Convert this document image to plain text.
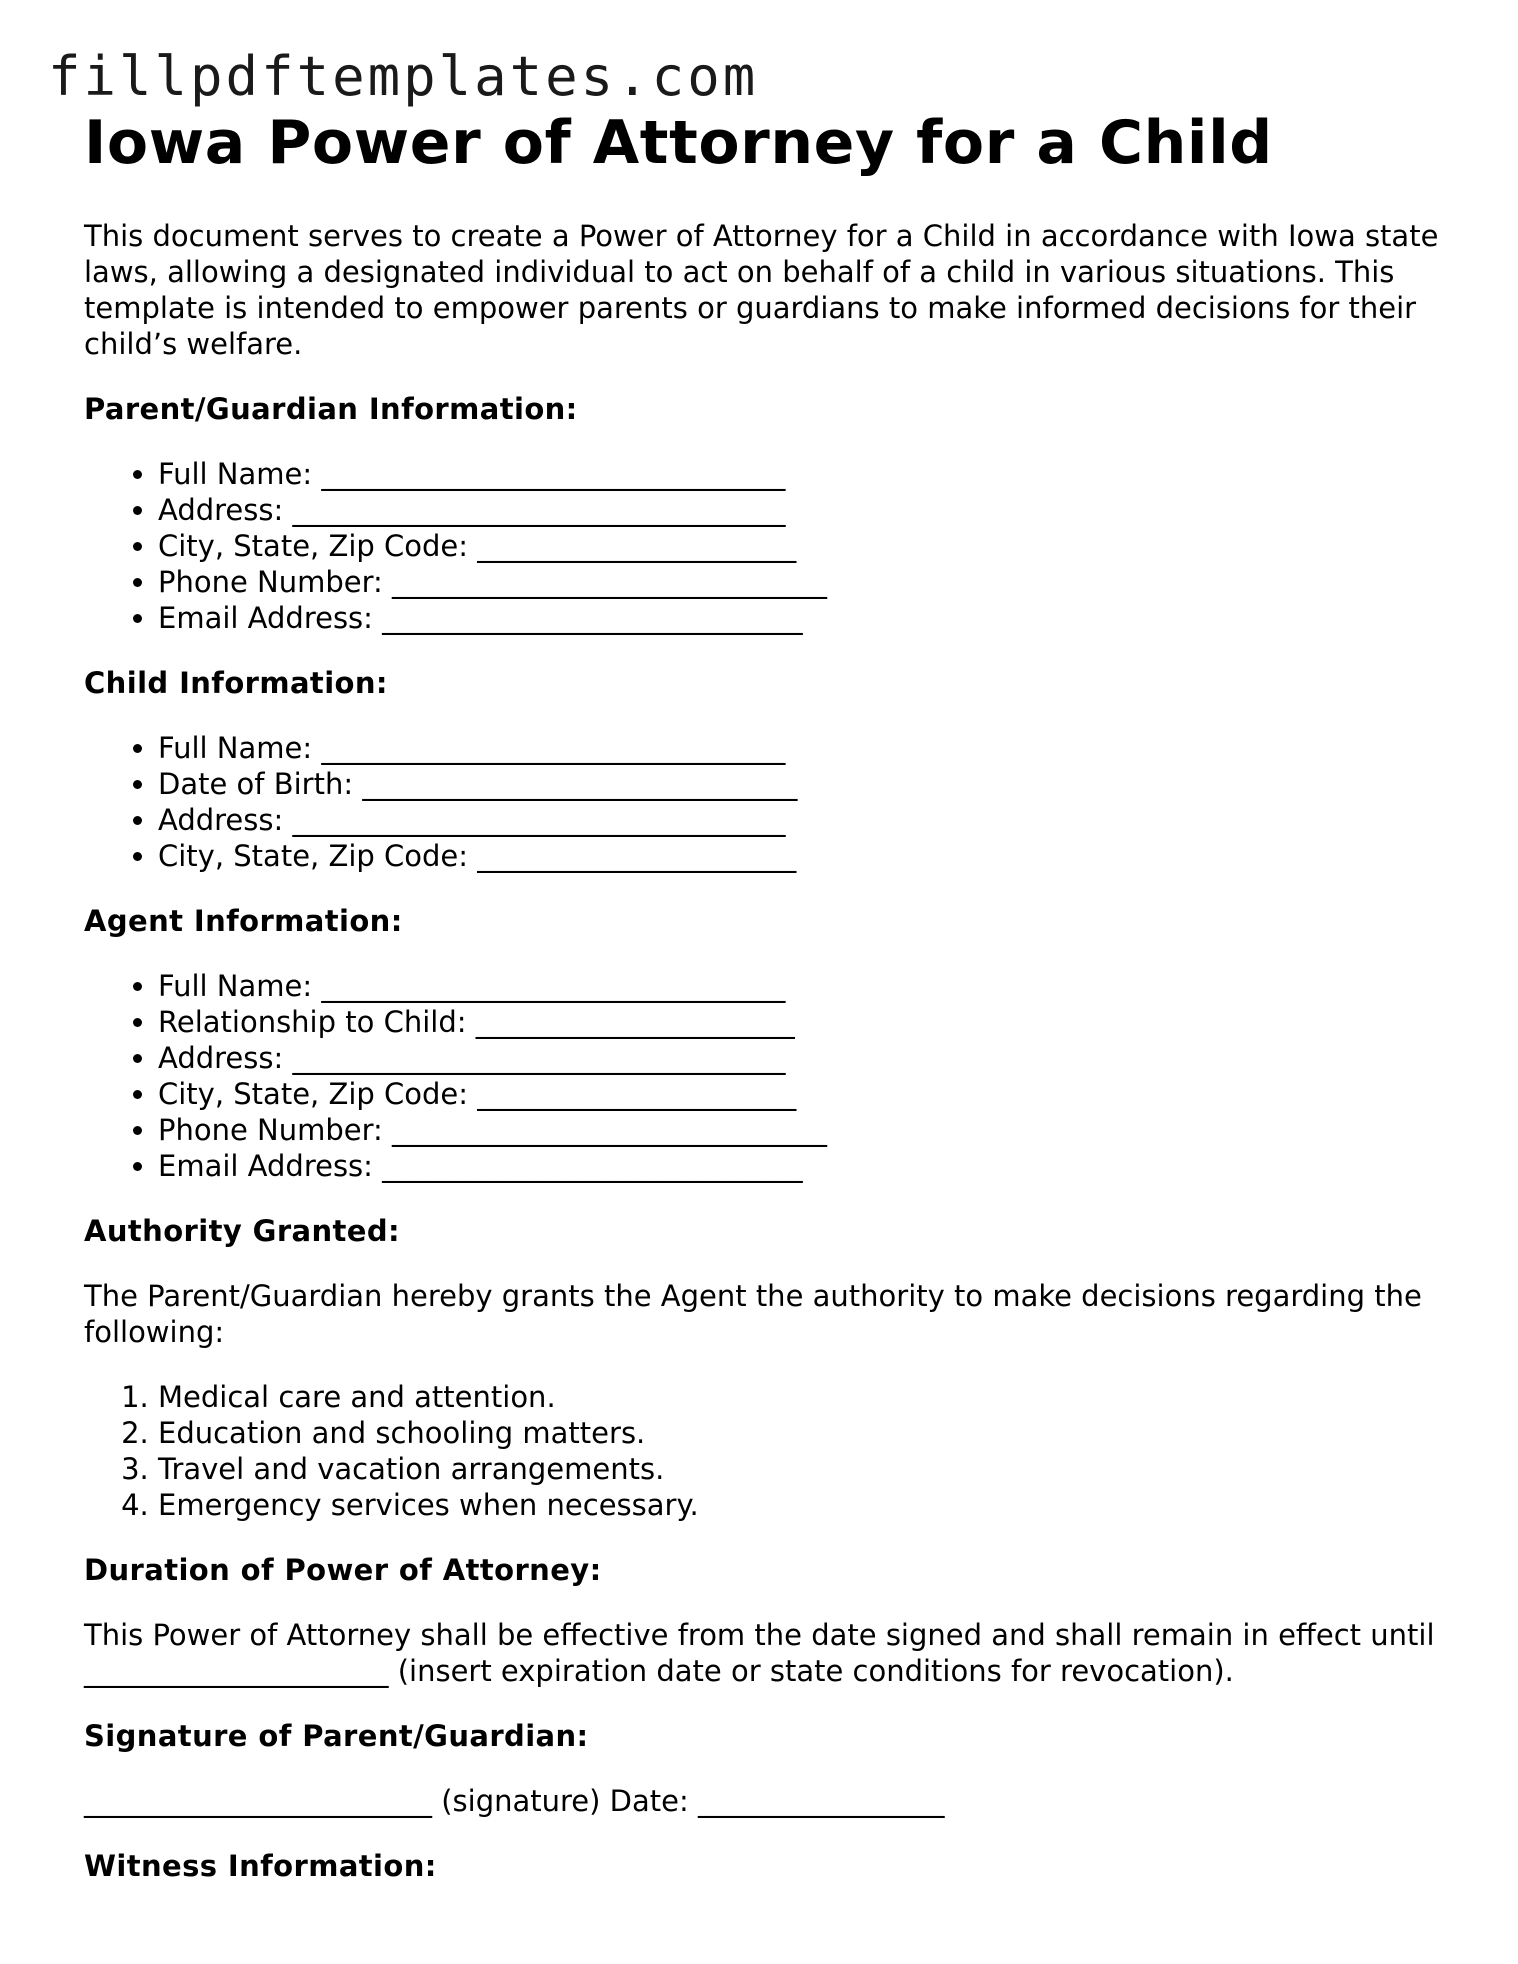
fillpdftemplates.com
Iowa Power of Attorney for a Child

This document serves to create a Power of Attorney for a Child in accordance with Iowa state laws, allowing a designated individual to act on behalf of a child in various situations. This template is intended to empower parents or guardians to make informed decisions for their child’s welfare.

Parent/Guardian Information:
• Full Name: ________________________________
• Address: __________________________________
• City, State, Zip Code: ______________________
• Phone Number: ______________________________
• Email Address: _____________________________
Child Information:
• Full Name: ________________________________
• Date of Birth: ______________________________
• Address: __________________________________
• City, State, Zip Code: ______________________
Agent Information:
• Full Name: ________________________________
• Relationship to Child: ______________________
• Address: __________________________________
• City, State, Zip Code: ______________________
• Phone Number: ______________________________
• Email Address: _____________________________
Authority Granted:

The Parent/Guardian hereby grants the Agent the authority to make decisions regarding the following:

1. Medical care and attention.
2. Education and schooling matters.
3. Travel and vacation arrangements.
4. Emergency services when necessary.
Duration of Power of Attorney:

This Power of Attorney shall be effective from the date signed and shall remain in effect until _____________________ (insert expiration date or state conditions for revocation).

Signature of Parent/Guardian:

________________________ (signature) Date: _________________

Witness Information:
